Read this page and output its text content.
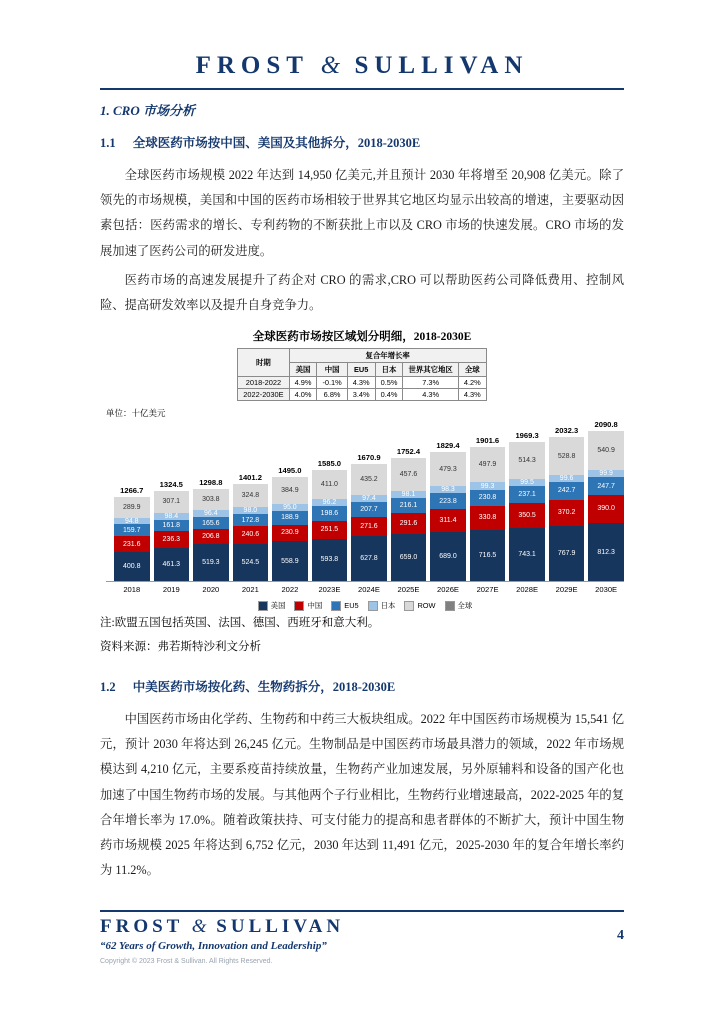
FROST & SULLIVAN
1. CRO 市场分析
1.1 全球医药市场按中国、美国及其他拆分，2018-2030E

全球医药市场规模 2022 年达到 14,950 亿美元,并且预计 2030 年将增至 20,908 亿美元。除了领先的市场规模，美国和中国的医药市场相较于世界其它地区均显示出较高的增速，主要驱动因素包括：医药需求的增长、专利药物的不断获批上市以及 CRO 市场的快速发展。CRO 市场的发展加速了医药公司的研发进度。

医药市场的高速发展提升了药企对 CRO 的需求,CRO 可以帮助医药公司降低费用、控制风险、提高研发效率以及提升自身竞争力。

全球医药市场按区域划分明细，2018-2030E
时期	复合年增长率					
	美国	中国	EU5	日本	世界其它地区	全球
2018-2022	4.9%	-0.1%	4.3%	0.5%	7.3%	4.2%
2022-2030E	4.0%	6.8%	3.4%	0.4%	4.3%	4.3%
单位：十亿美元
1266.7
289.9
94.8
159.7
231.6
400.8
1324.5
307.1
98.4
161.8
236.3
461.3
1298.8
303.8
96.4
165.6
206.8
519.3
1401.2
324.8
98.0
172.8
240.6
524.5
1495.0
384.9
95.0
188.9
230.9
558.9
1585.0
411.0
96.2
198.6
251.5
593.8
1670.9
435.2
97.4
207.7
271.6
627.8
1752.4
457.6
98.1
216.1
291.6
659.0
1829.4
479.3
98.3
223.8
311.4
689.0
1901.6
497.9
99.3
230.8
330.8
716.5
1969.3
514.3
99.5
237.1
350.5
743.1
2032.3
528.8
99.6
242.7
370.2
767.9
2090.8
540.9
99.9
247.7
390.0
812.3
2018	2019	2020	2021	2022	2023E	2024E	2025E	2026E	2027E	2028E	2029E	2030E
美国	中国	EU5	日本	ROW	全球
注:欧盟五国包括英国、法国、德国、西班牙和意大利。
资料来源：弗若斯特沙利文分析
1.2 中美医药市场按化药、生物药拆分，2018-2030E

中国医药市场由化学药、生物药和中药三大板块组成。2022 年中国医药市场规模为 15,541 亿元，预计 2030 年将达到 26,245 亿元。生物制品是中国医药市场最具潜力的领域，2022 年市场规模达到 4,210 亿元，主要系疫苗持续放量，生物药产业加速发展，另外原辅料和设备的国产化也加速了中国生物药市场的发展。与其他两个子行业相比，生物药行业增速最高，2022-2025 年的复合年增长率为 17.0%。随着政策扶持、可支付能力的提高和患者群体的不断扩大，预计中国生物药市场规模 2025 年将达到 6,752 亿元，2030 年达到 11,491 亿元，2025-2030 年的复合年增长率约为 11.2%。

FROST & SULLIVAN
“62 Years of Growth, Innovation and Leadership”
Copyright © 2023 Frost & Sullivan. All Rights Reserved.
4
